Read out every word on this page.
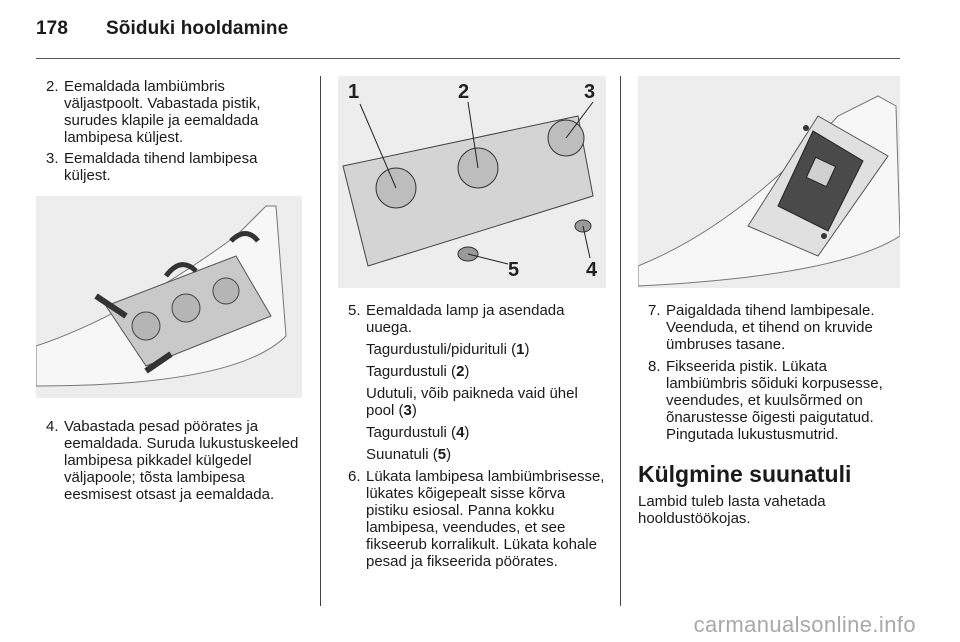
178 Sõiduki hooldamine

2. Eemaldada lambiümbris väljastpoolt. Vabastada pistik, surudes klapile ja eemaldada lambipesa küljest.

3. Eemaldada tihend lambipesa küljest.

4. Vabastada pesad pöörates ja eemaldada. Suruda lukustuskeeled lambipesa pikkadel külgedel väljapoole; tõsta lambipesa eesmisest otsast ja eemaldada.

1	2	3
4
5

5. Eemaldada lamp ja asendada uuega.

Tagurdustuli/piduritulі (1)

Tagurdustuli (2)

Udutuli, võib paikneda vaid ühel pool (3)

Tagurdustuli (4)

Suunatuli (5)

6. Lükata lambipesa lambiümbrisesse, lükates kõigepealt sisse kõrva pistiku esiosal. Panna kokku lambipesa, veendudes, et see fikseerub korralikult. Lükata kohale pesad ja fikseerida pöörates.

7. Paigaldada tihend lambipesale. Veenduda, et tihend on kruvide ümbruses tasane.

8. Fikseerida pistik. Lükata lambiümbris sõiduki korpusesse, veendudes, et kuulsõrmed on õnarustesse õigesti paigutatud. Pingutada lukustusmutrid.

Külgmine suunatuli

Lambid tuleb lasta vahetada hooldustöökojas.

carmanualsonline.info
